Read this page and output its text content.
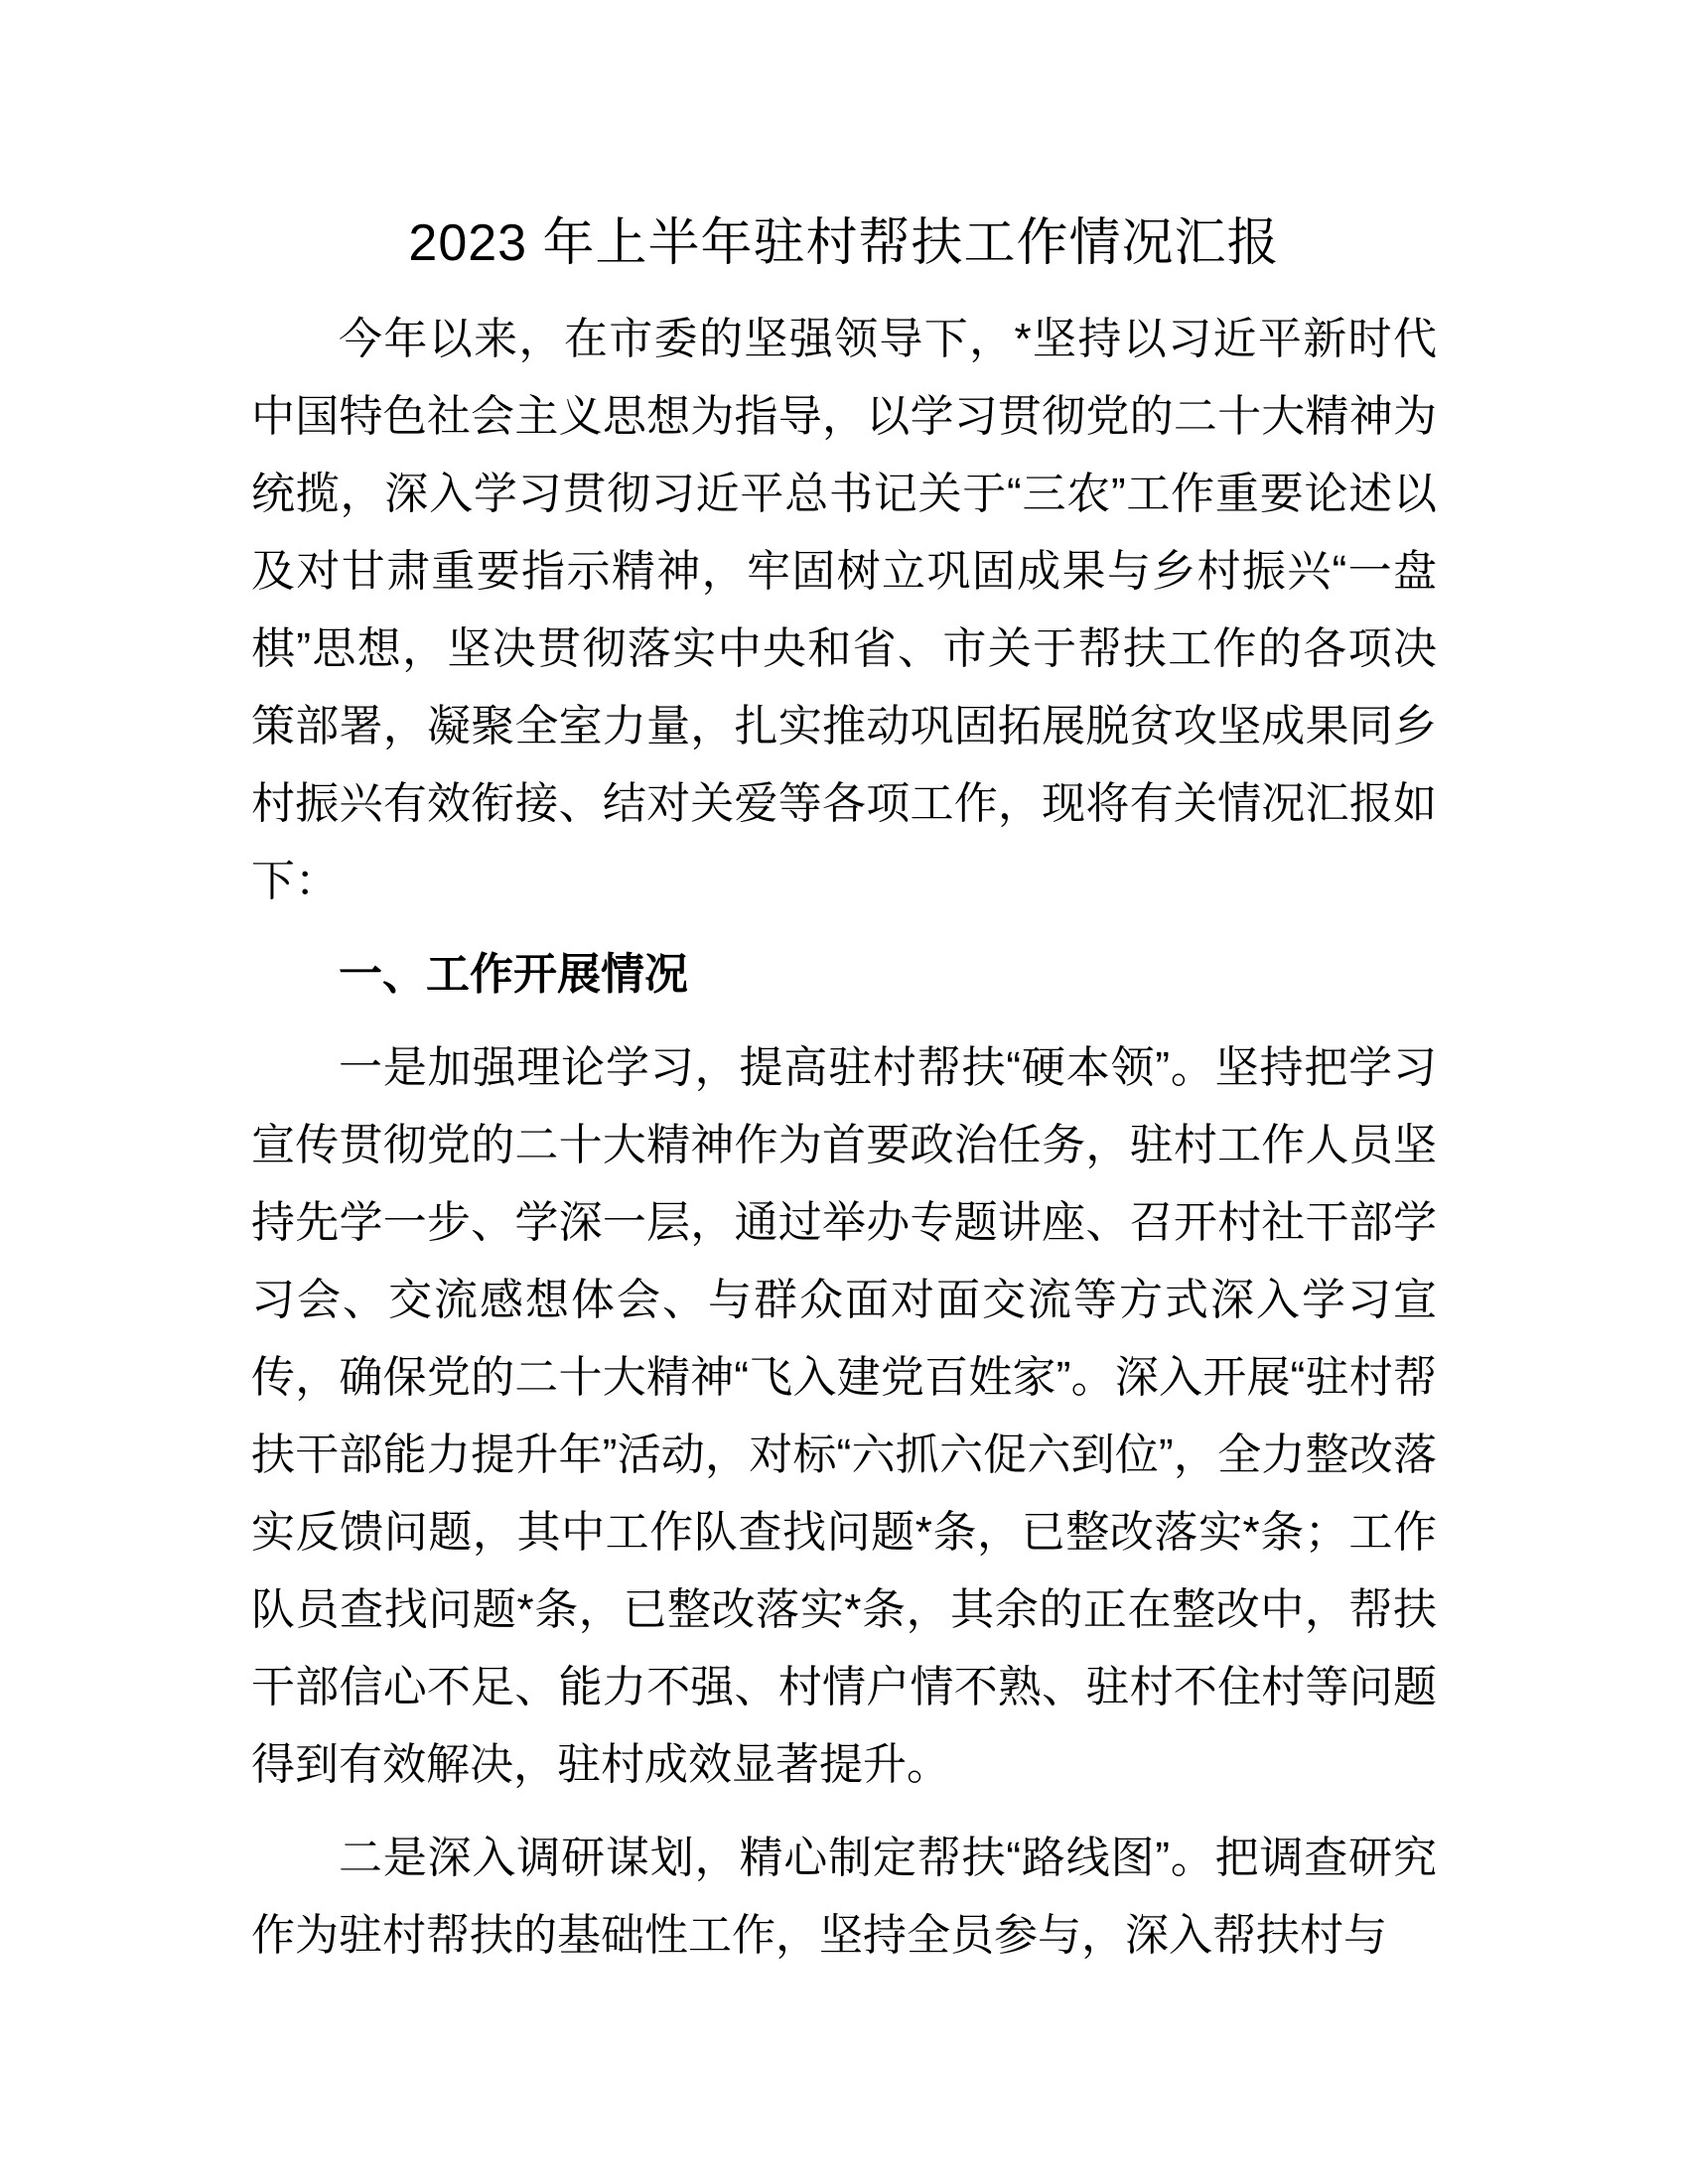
2023 年上半年驻村帮扶工作情况汇报
今年以来，在市委的坚强领导下，*坚持以习近平新时代中国特色社会主义思想为指导，以学习贯彻党的二十大精神为统揽，深入学习贯彻习近平总书记关于“三农”工作重要论述以及对甘肃重要指示精神，牢固树立巩固成果与乡村振兴“一盘棋”思想，坚决贯彻落实中央和省、市关于帮扶工作的各项决策部署，凝聚全室力量，扎实推动巩固拓展脱贫攻坚成果同乡村振兴有效衔接、结对关爱等各项工作，现将有关情况汇报如下：
一、工作开展情况
一是加强理论学习，提高驻村帮扶“硬本领”。坚持把学习宣传贯彻党的二十大精神作为首要政治任务，驻村工作人员坚持先学一步、学深一层，通过举办专题讲座、召开村社干部学习会、交流感想体会、与群众面对面交流等方式深入学习宣传，确保党的二十大精神“飞入建党百姓家”。深入开展“驻村帮扶干部能力提升年”活动，对标“六抓六促六到位”，全力整改落实反馈问题，其中工作队查找问题*条，已整改落实*条；工作队员查找问题*条，已整改落实*条，其余的正在整改中，帮扶干部信心不足、能力不强、村情户情不熟、驻村不住村等问题得到有效解决，驻村成效显著提升。
二是深入调研谋划，精心制定帮扶“路线图”。把调查研究作为驻村帮扶的基础性工作，坚持全员参与，深入帮扶村与
